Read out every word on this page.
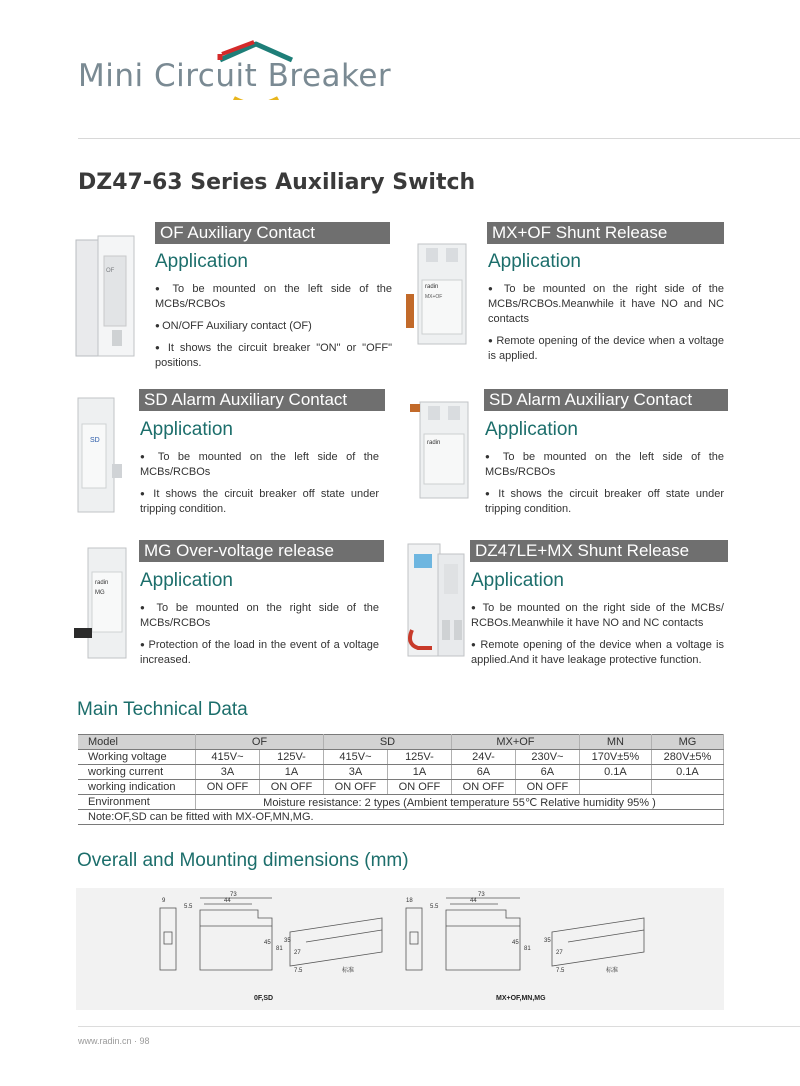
Mini Circuit Breaker
DZ47-63 Series Auxiliary Switch
OF
radin
MX+OF
SD	radin
radin
MG
OF Auxiliary Contact
Application

● To be mounted on the left side of the MCBs/RCBOs

● ON/OFF Auxiliary contact (OF)

● It shows the circuit breaker "ON" or "OFF" positions.

MX+OF Shunt Release
Application

● To be mounted on the right side of the MCBs/RCBOs.Meanwhile it have NO and NC contacts

● Remote opening of the device when a voltage is applied.

SD Alarm Auxiliary Contact
Application

● To be mounted on the left side of the MCBs/RCBOs

● It shows the circuit breaker off state under tripping condition.

SD Alarm Auxiliary Contact
Application

● To be mounted on the left side of the MCBs/RCBOs

● It shows the circuit breaker off state under tripping condition.

MG Over-voltage release
Application

● To be mounted on the right side of the MCBs/RCBOs

● Protection of the load in the event of a voltage increased.

DZ47LE+MX Shunt Release
Application

● To be mounted on the right side of the MCBs/ RCBOs.Meanwhile it have NO and NC contacts

● Remote opening of the device when a voltage is applied.And it have leakage protective function.

Main Technical Data
Model	OF		SD		MX+OF		MN	MG
Working voltage	415V~	125V-	415V~	125V-	24V-	230V~	170V±5%	280V±5%
working current	3A	1A	3A	1A	6A	6A	0.1A	0.1A
working indication	ON OFF	ON OFF	ON OFF	ON OFF	ON OFF	ON OFF		
Environment	Moisture resistance: 2 types (Ambient temperature 55℃ Relative humidity 95% )							
Note:OF,SD can be fitted with MX-OF,MN,MG.								
Overall and Mounting dimensions (mm)
9	18
5.5	5.5
73	73
44	44
45	45
81	81
35	35
27	27
7.5	7.5
标准	标准
0F,SD	MX+OF,MN,MG
www.radin.cn · 98
